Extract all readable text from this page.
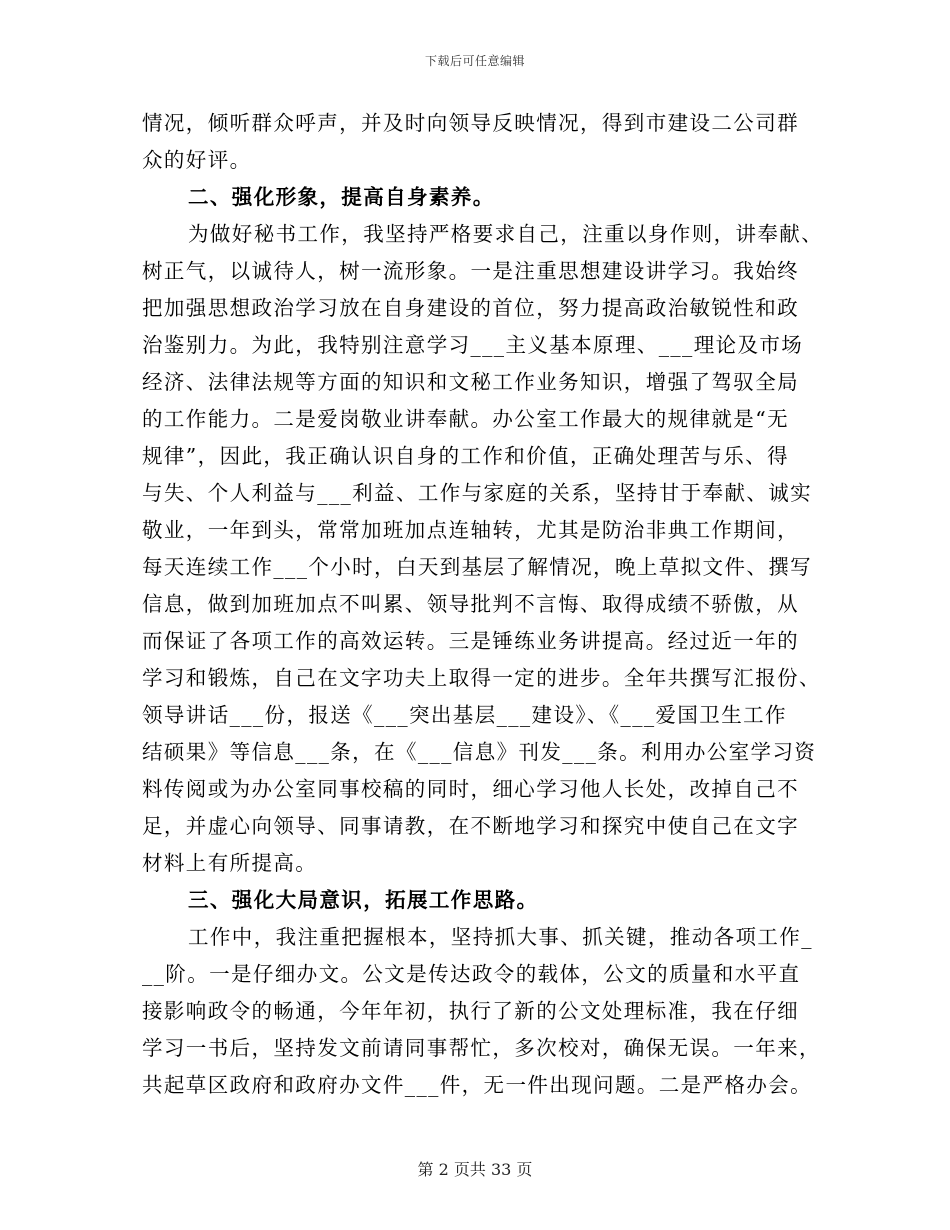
下载后可任意编辑
情况，倾听群众呼声，并及时向领导反映情况，得到市建设二公司群
众的好评。
二、强化形象，提高自身素养。
为做好秘书工作，我坚持严格要求自己，注重以身作则，讲奉献、
树正气，以诚待人，树一流形象。一是注重思想建设讲学习。我始终
把加强思想政治学习放在自身建设的首位，努力提高政治敏锐性和政
治鉴别力。为此，我特别注意学习___主义基本原理、___理论及市场
经济、法律法规等方面的知识和文秘工作业务知识，增强了驾驭全局
的工作能力。二是爱岗敬业讲奉献。办公室工作最大的规律就是“无
规律”，因此，我正确认识自身的工作和价值，正确处理苦与乐、得
与失、个人利益与___利益、工作与家庭的关系，坚持甘于奉献、诚实
敬业，一年到头，常常加班加点连轴转，尤其是防治非典工作期间，
每天连续工作___个小时，白天到基层了解情况，晚上草拟文件、撰写
信息，做到加班加点不叫累、领导批判不言悔、取得成绩不骄傲，从
而保证了各项工作的高效运转。三是锤练业务讲提高。经过近一年的
学习和锻炼，自己在文字功夫上取得一定的进步。全年共撰写汇报份、
领导讲话___份，报送《___突出基层___建设》、《___爱国卫生工作
结硕果》等信息___条，在《___信息》刊发___条。利用办公室学习资
料传阅或为办公室同事校稿的同时，细心学习他人长处，改掉自己不
足，并虚心向领导、同事请教，在不断地学习和探究中使自己在文字
材料上有所提高。
三、强化大局意识，拓展工作思路。
工作中，我注重把握根本，坚持抓大事、抓关键，推动各项工作_
__阶。一是仔细办文。公文是传达政令的载体，公文的质量和水平直
接影响政令的畅通，今年年初，执行了新的公文处理标准，我在仔细
学习一书后，坚持发文前请同事帮忙，多次校对，确保无误。一年来，
共起草区政府和政府办文件___件，无一件出现问题。二是严格办会。
第 2 页共 33 页
